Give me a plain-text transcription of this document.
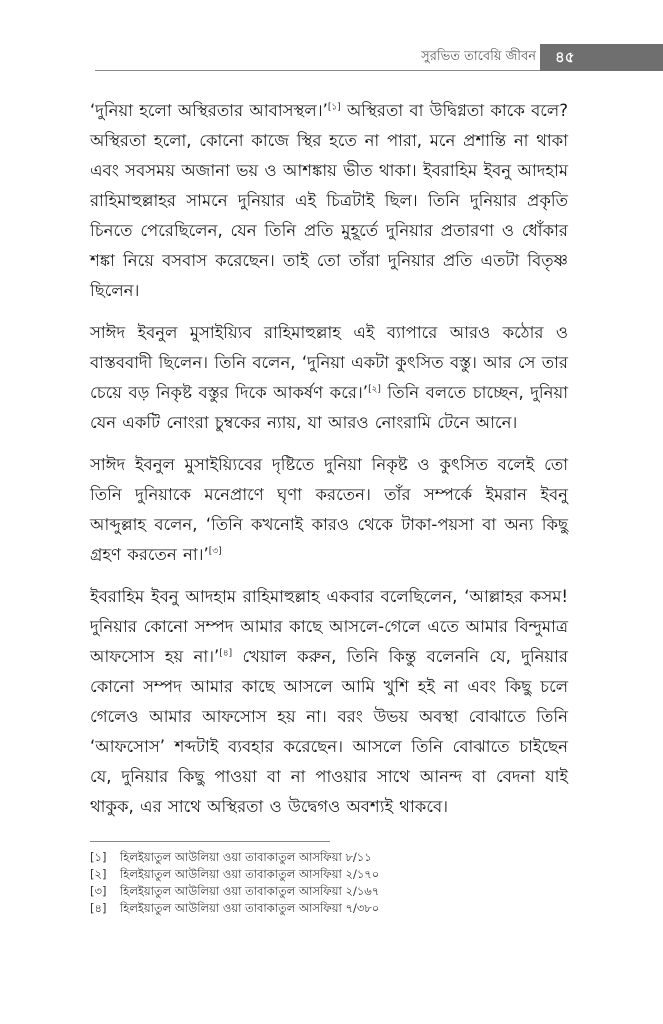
সুরভিত তাবেয়ি জীবন	৪৫

‘দুনিয়া হলো অস্থিরতার আবাসস্থল।’[১] অস্থিরতা বা উদ্বিগ্নতা কাকে বলে? অস্থিরতা হলো, কোনো কাজে স্থির হতে না পারা, মনে প্রশান্তি না থাকা এবং সবসময় অজানা ভয় ও আশঙ্কায় ভীত থাকা। ইবরাহিম ইবনু আদহাম রাহিমাহুল্লাহর সামনে দুনিয়ার এই চিত্রটাই ছিল। তিনি দুনিয়ার প্রকৃতি চিনতে পেরেছিলেন, যেন তিনি প্রতি মুহূর্তে দুনিয়ার প্রতারণা ও ধোঁকার শঙ্কা নিয়ে বসবাস করেছেন। তাই তো তাঁরা দুনিয়ার প্রতি এতটা বিতৃষ্ণ ছিলেন।

সাঈদ ইবনুল মুসাইয়্যিব রাহিমাহুল্লাহ এই ব্যাপারে আরও কঠোর ও বাস্তববাদী ছিলেন। তিনি বলেন, ‘দুনিয়া একটা কুৎসিত বস্তু। আর সে তার চেয়ে বড় নিকৃষ্ট বস্তুর দিকে আকর্ষণ করে।’[২] তিনি বলতে চাচ্ছেন, দুনিয়া যেন একটি নোংরা চুম্বকের ন্যায়, যা আরও নোংরামি টেনে আনে।

সাঈদ ইবনুল মুসাইয়্যিবের দৃষ্টিতে দুনিয়া নিকৃষ্ট ও কুৎসিত বলেই তো তিনি দুনিয়াকে মনেপ্রাণে ঘৃণা করতেন। তাঁর সম্পর্কে ইমরান ইবনু আব্দুল্লাহ বলেন, ‘তিনি কখনোই কারও থেকে টাকা-পয়সা বা অন্য কিছু গ্রহণ করতেন না।’[৩]

ইবরাহিম ইবনু আদহাম রাহিমাহুল্লাহ একবার বলেছিলেন, ‘আল্লাহর কসম! দুনিয়ার কোনো সম্পদ আমার কাছে আসলে-গেলে এতে আমার বিন্দুমাত্র আফসোস হয় না।’[৪] খেয়াল করুন, তিনি কিন্তু বলেননি যে, দুনিয়ার কোনো সম্পদ আমার কাছে আসলে আমি খুশি হই না এবং কিছু চলে গেলেও আমার আফসোস হয় না। বরং উভয় অবস্থা বোঝাতে তিনি ‘আফসোস’ শব্দটাই ব্যবহার করেছেন। আসলে তিনি বোঝাতে চাইছেন যে, দুনিয়ার কিছু পাওয়া বা না পাওয়ার সাথে আনন্দ বা বেদনা যাই থাকুক, এর সাথে অস্থিরতা ও উদ্বেগও অবশ্যই থাকবে।

[১] হিলইয়াতুল আউলিয়া ওয়া তাবাকাতুল আসফিয়া ৮/১১
[২] হিলইয়াতুল আউলিয়া ওয়া তাবাকাতুল আসফিয়া ২/১৭০
[৩] হিলইয়াতুল আউলিয়া ওয়া তাবাকাতুল আসফিয়া ২/১৬৭
[৪] হিলইয়াতুল আউলিয়া ওয়া তাবাকাতুল আসফিয়া ৭/৩৮০
